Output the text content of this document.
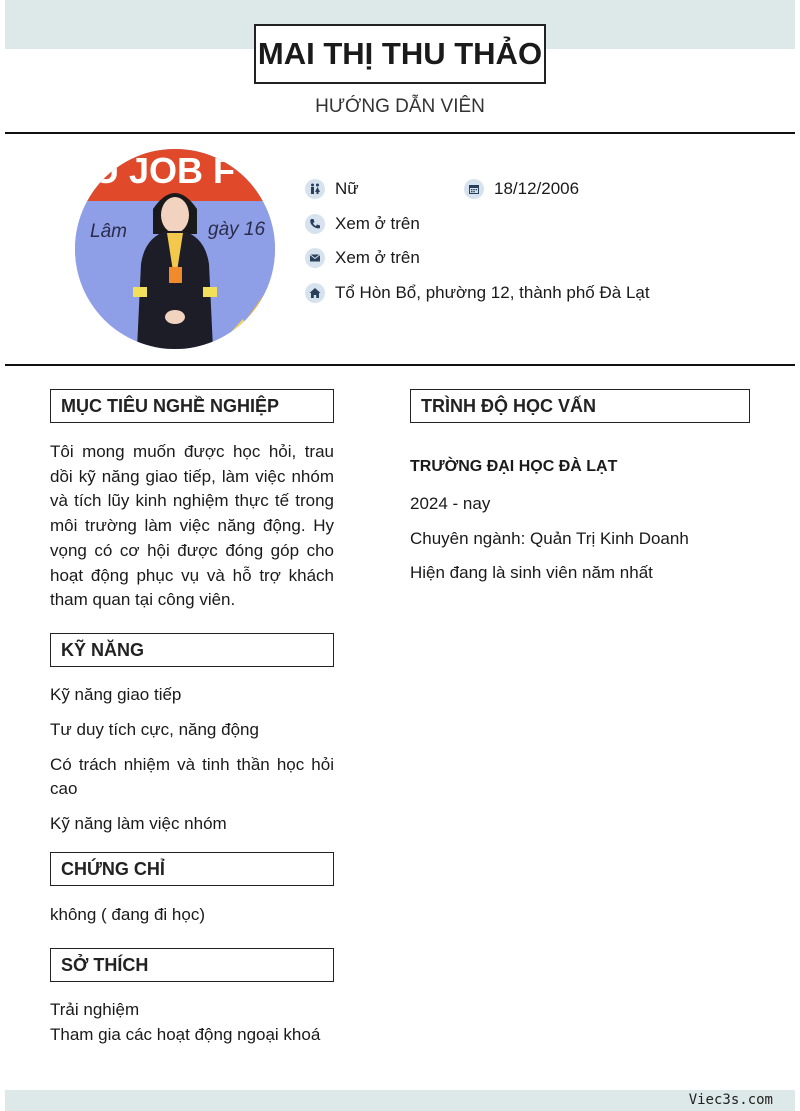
MAI THỊ THU THẢO
HƯỚNG DẪN VIÊN
U JOB F
Lâm	gày 16
Nữ	18/12/2006
Xem ở trên
Xem ở trên
Tổ Hòn Bổ, phường 12, thành phố Đà Lạt
MỤC TIÊU NGHỀ NGHIỆP
Tôi mong muốn được học hỏi, trau dồi kỹ năng giao tiếp, làm việc nhóm và tích lũy kinh nghiệm thực tế trong môi trường làm việc năng động. Hy vọng có cơ hội được đóng góp cho hoạt động phục vụ và hỗ trợ khách tham quan tại công viên.
KỸ NĂNG
Kỹ năng giao tiếp
Tư duy tích cực, năng động
Có trách nhiệm và tinh thần học hỏi cao
Kỹ năng làm việc nhóm
CHỨNG CHỈ
không ( đang đi học)
SỞ THÍCH
Trải nghiệm
Tham gia các hoạt động ngoại khoá
TRÌNH ĐỘ HỌC VẤN
TRƯỜNG ĐẠI HỌC ĐÀ LẠT
2024 - nay
Chuyên ngành: Quản Trị Kinh Doanh
Hiện đang là sinh viên năm nhất
Viec3s.com
